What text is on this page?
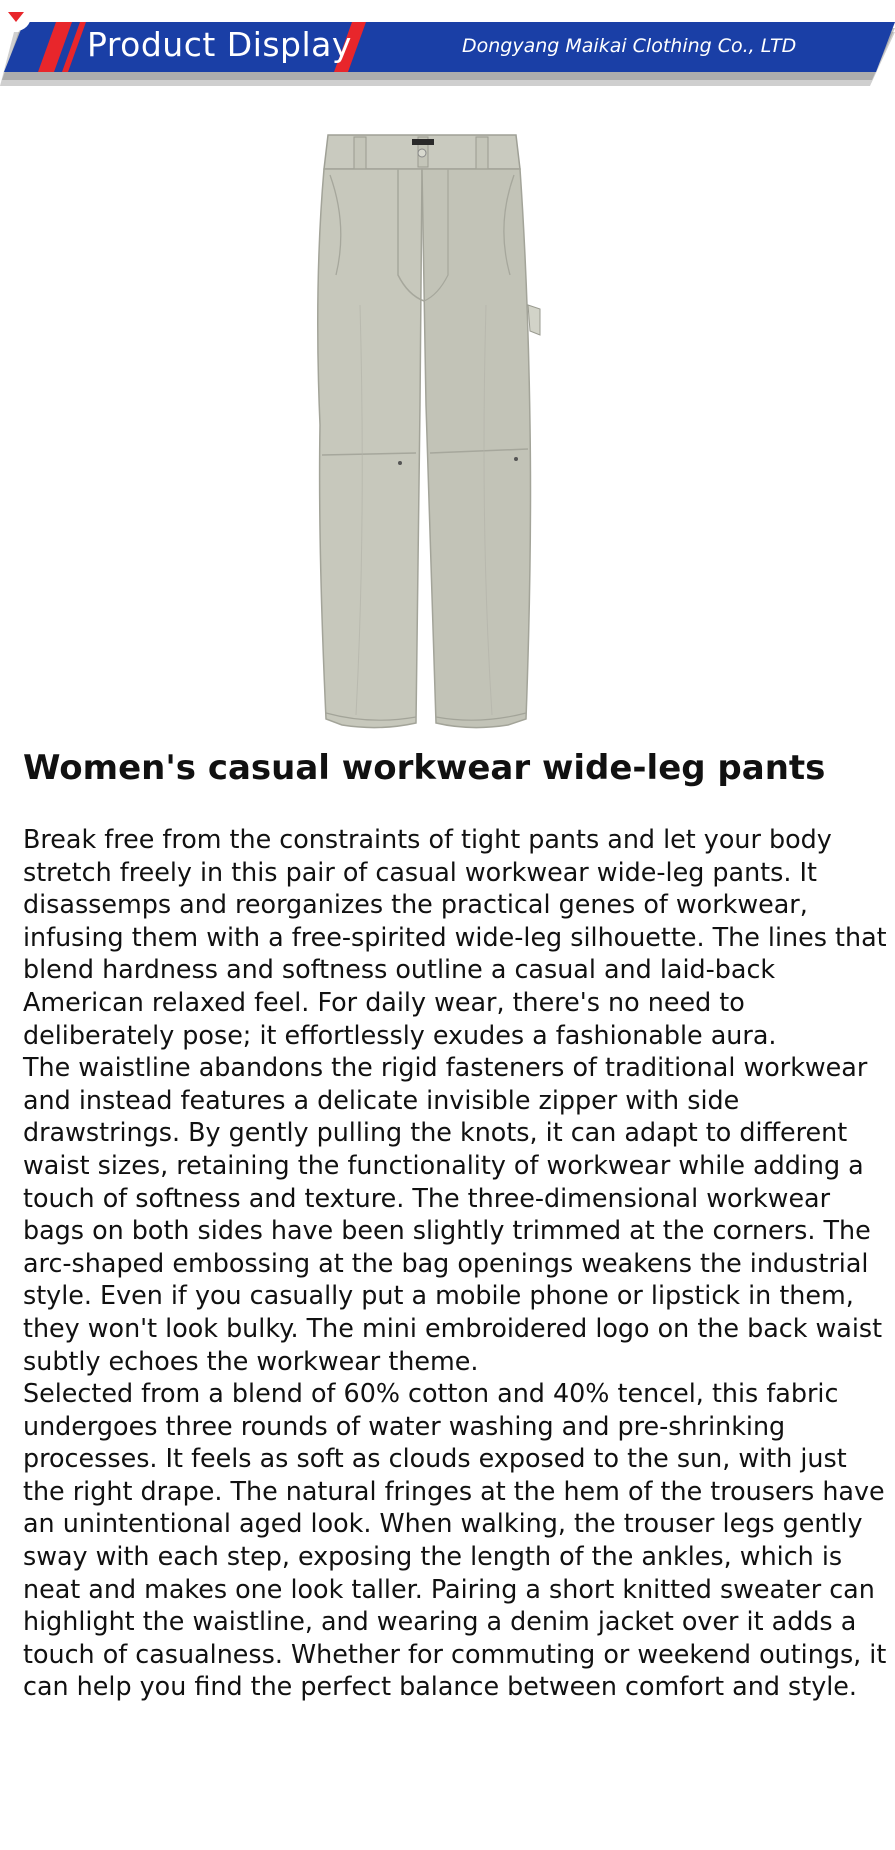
Product Display	Dongyang Maikai Clothing Co., LTD
Women's casual workwear wide-leg pants

Break free from the constraints of tight pants and let your body stretch freely in this pair of casual workwear wide-leg pants. It disassemps and reorganizes the practical genes of workwear, infusing them with a free-spirited wide-leg silhouette. The lines that blend hardness and softness outline a casual and laid-back American relaxed feel. For daily wear, there's no need to deliberately pose; it effortlessly exudes a fashionable aura.

The waistline abandons the rigid fasteners of traditional workwear and instead features a delicate invisible zipper with side drawstrings. By gently pulling the knots, it can adapt to different waist sizes, retaining the functionality of workwear while adding a touch of softness and texture. The three-dimensional workwear bags on both sides have been slightly trimmed at the corners. The arc-shaped embossing at the bag openings weakens the industrial style. Even if you casually put a mobile phone or lipstick in them, they won't look bulky. The mini embroidered logo on the back waist subtly echoes the workwear theme.

Selected from a blend of 60% cotton and 40% tencel, this fabric undergoes three rounds of water washing and pre-shrinking processes. It feels as soft as clouds exposed to the sun, with just the right drape. The natural fringes at the hem of the trousers have an unintentional aged look. When walking, the trouser legs gently sway with each step, exposing the length of the ankles, which is neat and makes one look taller. Pairing a short knitted sweater can highlight the waistline, and wearing a denim jacket over it adds a touch of casualness. Whether for commuting or weekend outings, it can help you find the perfect balance between comfort and style.
